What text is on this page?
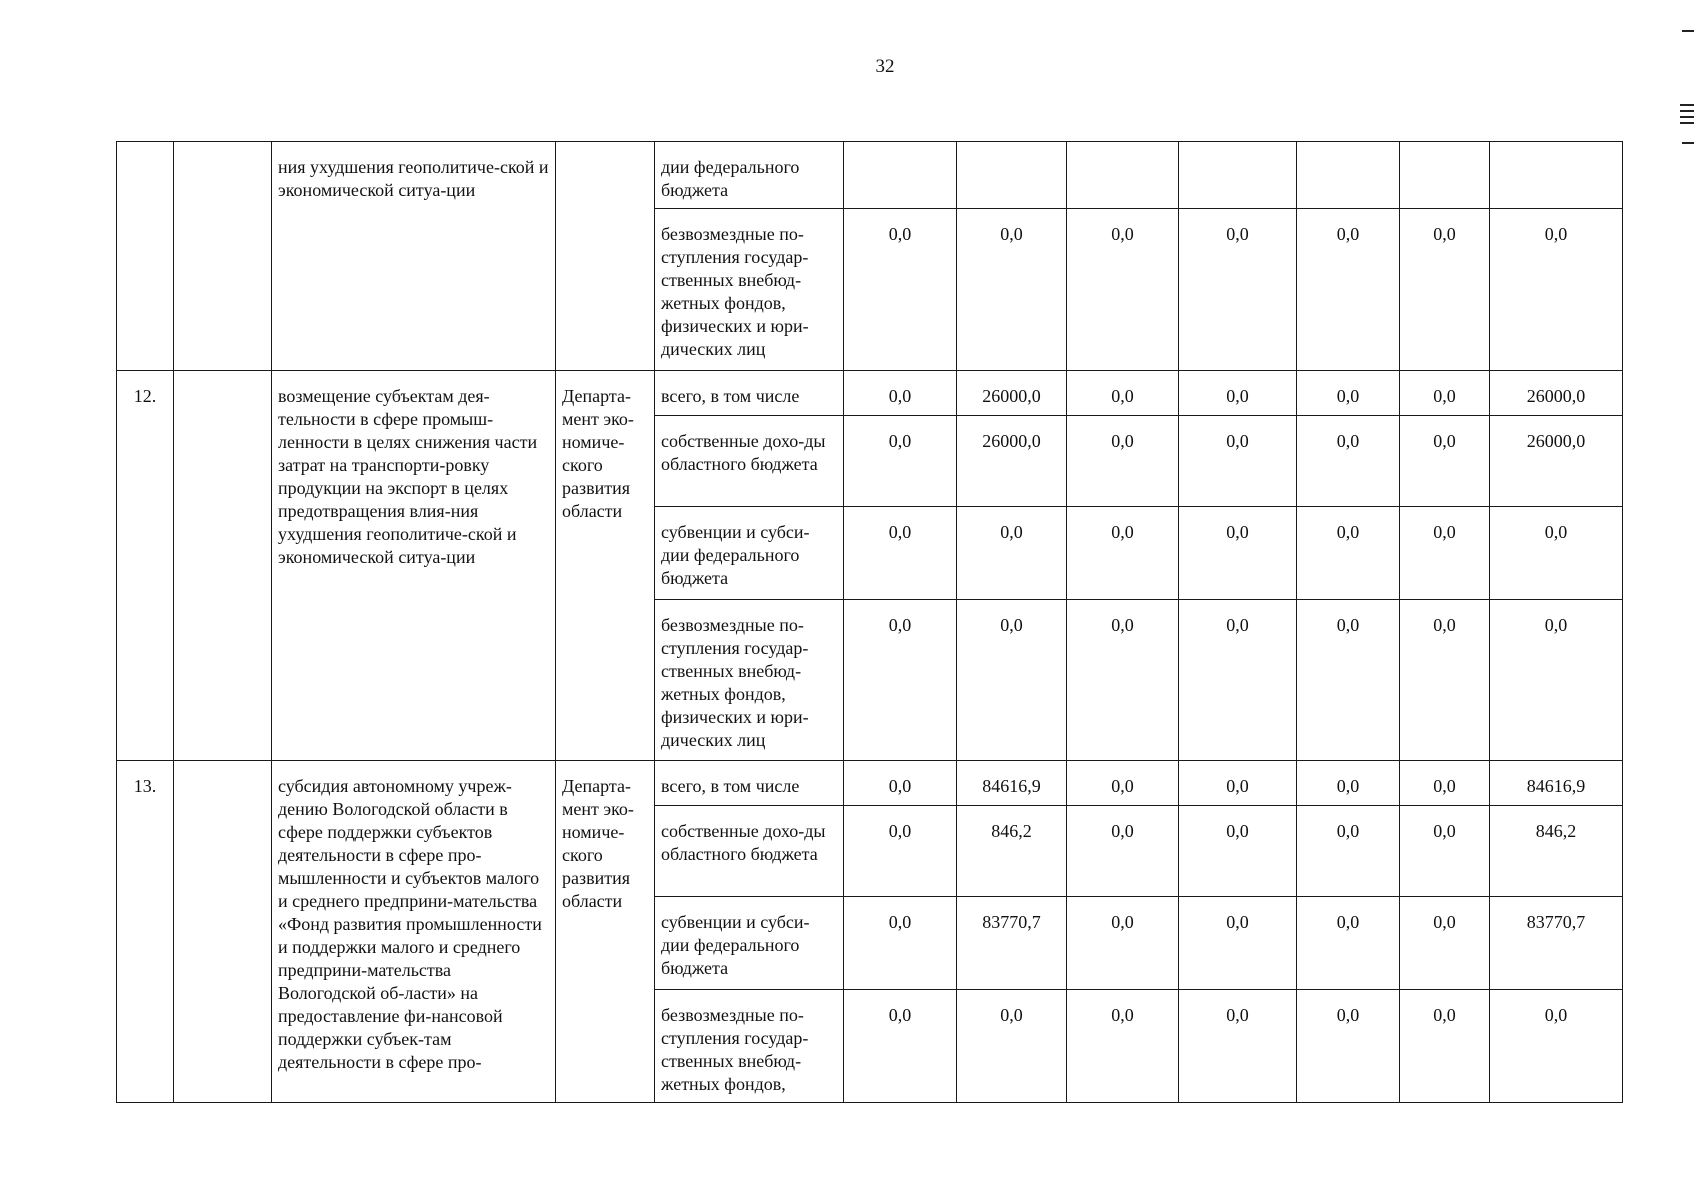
32
		ния ухудшения геополитиче-ской и экономической ситуа-ции		дии федерального бюджета							
				безвозмездные по-ступления государ-ственных внебюд-жетных фондов, физических и юри-дических лиц	0,0	0,0	0,0	0,0	0,0	0,0	0,0
12.		возмещение субъектам дея-тельности в сфере промыш-ленности в целях снижения части затрат на транспорти-ровку продукции на экспорт в целях предотвращения влия-ния ухудшения геополитиче-ской и экономической ситуа-ции	Департа-мент эко-номиче-ского развития области	всего, в том числе	0,0	26000,0	0,0	0,0	0,0	0,0	26000,0
				собственные дохо-ды областного бюджета	0,0	26000,0	0,0	0,0	0,0	0,0	26000,0
				субвенции и субси-дии федерального бюджета	0,0	0,0	0,0	0,0	0,0	0,0	0,0
				безвозмездные по-ступления государ-ственных внебюд-жетных фондов, физических и юри-дических лиц	0,0	0,0	0,0	0,0	0,0	0,0	0,0
13.		субсидия автономному учреж-дению Вологодской области в сфере поддержки субъектов деятельности в сфере про-мышленности и субъектов малого и среднего предприни-мательства «Фонд развития промышленности и поддержки малого и среднего предприни-мательства Вологодской об-ласти» на предоставление фи-нансовой поддержки субъек-там деятельности в сфере про-	Департа-мент эко-номиче-ского развития области	всего, в том числе	0,0	84616,9	0,0	0,0	0,0	0,0	84616,9
				собственные дохо-ды областного бюджета	0,0	846,2	0,0	0,0	0,0	0,0	846,2
				субвенции и субси-дии федерального бюджета	0,0	83770,7	0,0	0,0	0,0	0,0	83770,7
				безвозмездные по-ступления государ-ственных внебюд-жетных фондов,	0,0	0,0	0,0	0,0	0,0	0,0	0,0
